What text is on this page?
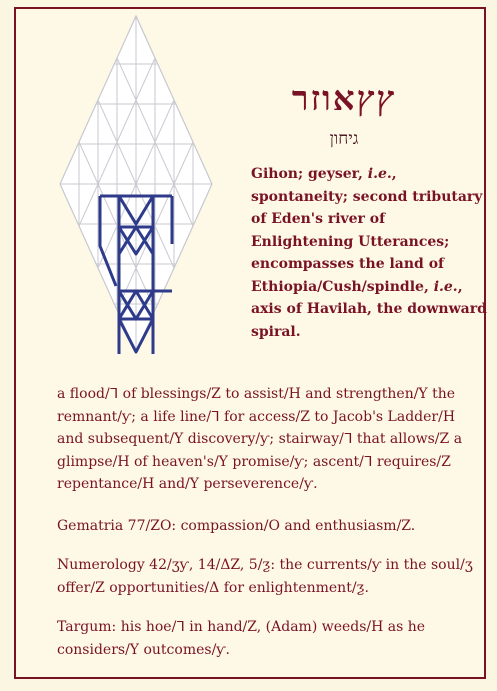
ץץאוזר
גיחון
Gihon; geyser, i.e., spontaneity; second tributary of Eden's river of Enlightening Utterances; encompasses the land of Ethiopia/Cush/spindle, i.e., axis of Havilah, the downward spiral.
a flood/ᒣ of blessings/Z to assist/H and strengthen/Y the remnant/ƴ; a life line/ᒣ for access/Z to Jacob's Ladder/H and subsequent/Y discovery/ƴ; stairway/ᒣ that allows/Z a glimpse/H of heaven's/Y promise/ƴ; ascent/ᒣ requires/Z repentance/H and/Y perseverence/ƴ.
Gematria 77/ZO: compassion/O and enthusiasm/Z.
Numerology 42/ʒƴ, 14/ΔZ, 5/ƺ: the currents/ƴ in the soul/ʒ offer/Z opportunities/Δ for enlightenment/ƺ.
Targum: his hoe/ᒣ in hand/Z, (Adam) weeds/H as he considers/Y outcomes/ƴ.
